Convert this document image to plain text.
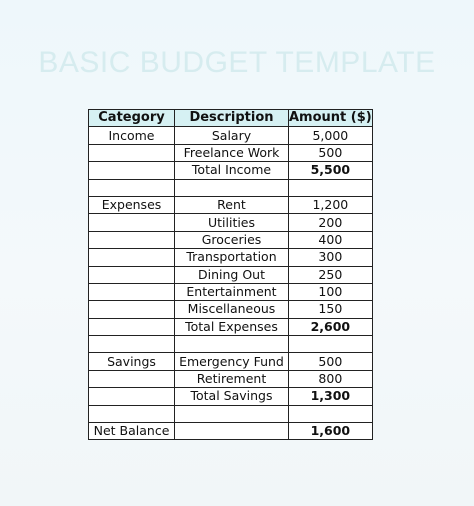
BASIC BUDGET TEMPLATE
Category	Description	Amount ($)
Income	Salary	5,000
	Freelance Work	500
	Total Income	5,500

Expenses	Rent	1,200
	Utilities	200
	Groceries	400
	Transportation	300
	Dining Out	250
	Entertainment	100
	Miscellaneous	150
	Total Expenses	2,600

Savings	Emergency Fund	500
	Retirement	800
	Total Savings	1,300

Net Balance		1,600
